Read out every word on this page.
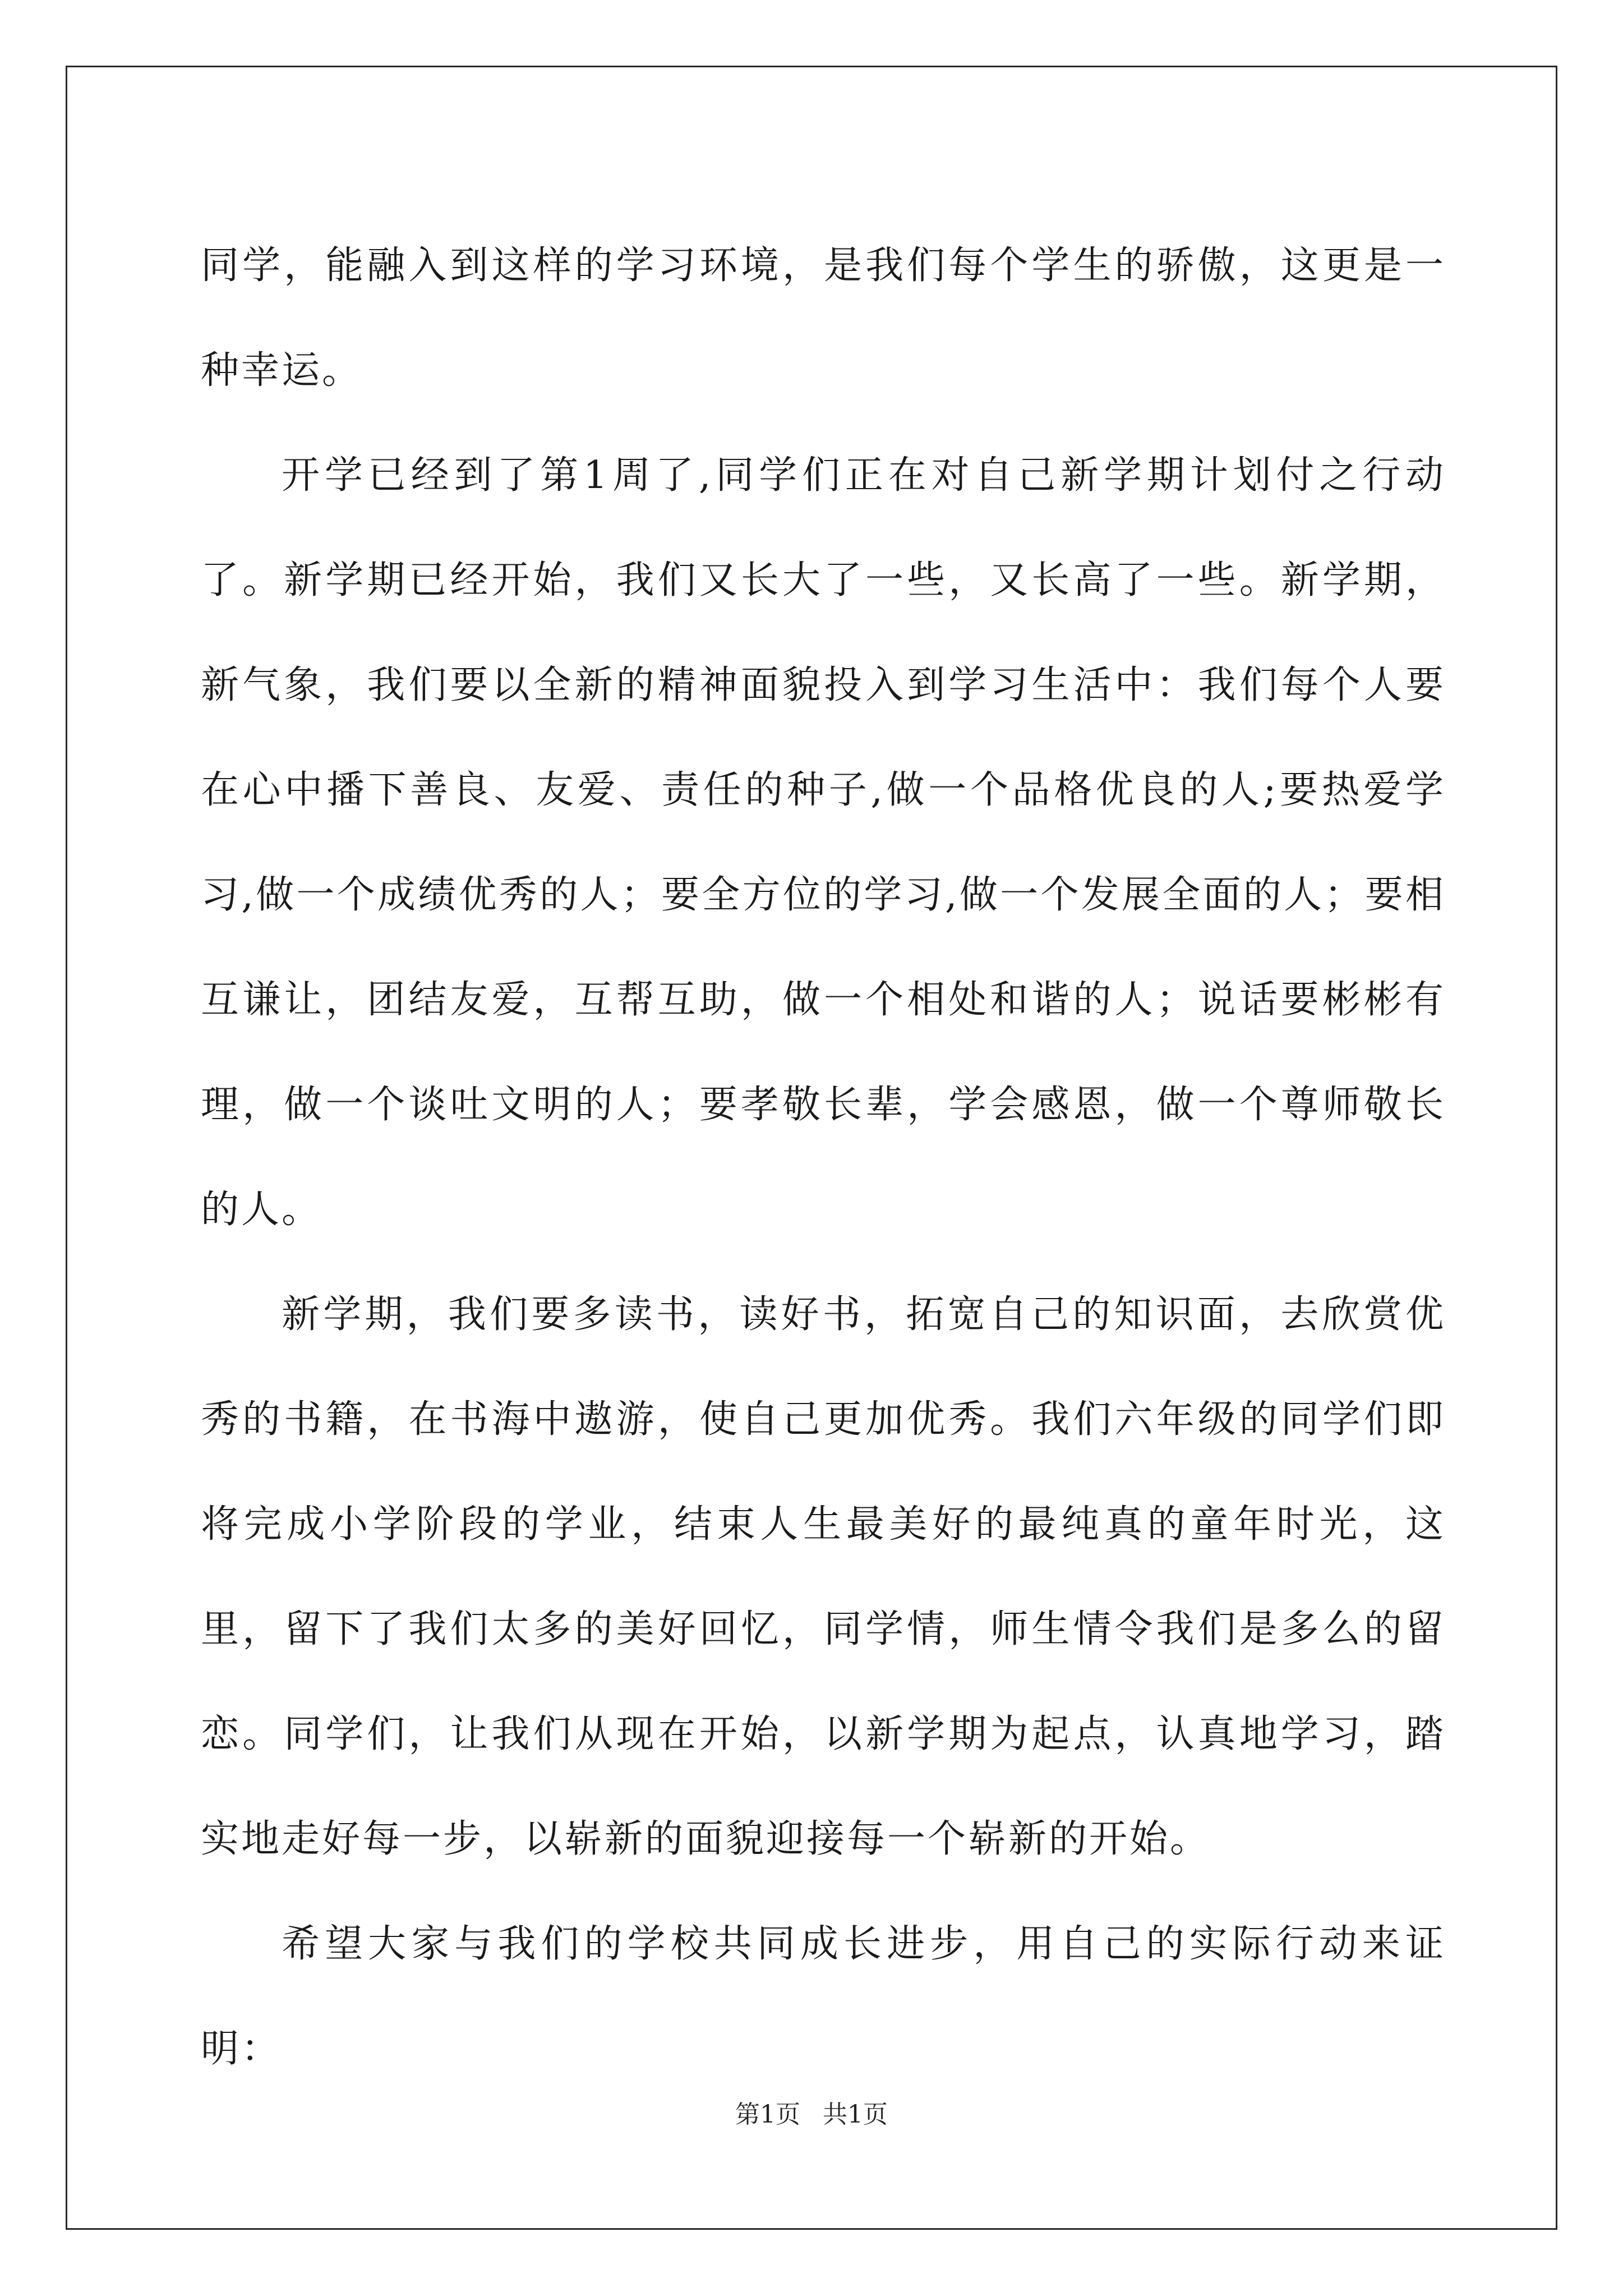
同学，能融入到这样的学习环境，是我们每个学生的骄傲，这更是一种幸运。

开学已经到了第1周了,同学们正在对自己新学期计划付之行动了。新学期已经开始，我们又长大了一些，又长高了一些。新学期，新气象，我们要以全新的精神面貌投入到学习生活中：我们每个人要在心中播下善良、友爱、责任的种子,做一个品格优良的人;要热爱学习,做一个成绩优秀的人；要全方位的学习,做一个发展全面的人；要相互谦让，团结友爱，互帮互助，做一个相处和谐的人；说话要彬彬有理，做一个谈吐文明的人；要孝敬长辈，学会感恩，做一个尊师敬长的人。

新学期，我们要多读书，读好书，拓宽自己的知识面，去欣赏优秀的书籍，在书海中遨游，使自己更加优秀。我们六年级的同学们即将完成小学阶段的学业，结束人生最美好的最纯真的童年时光，这里，留下了我们太多的美好回忆，同学情，师生情令我们是多么的留恋。同学们，让我们从现在开始，以新学期为起点，认真地学习，踏实地走好每一步，以崭新的面貌迎接每一个崭新的开始。

希望大家与我们的学校共同成长进步，用自己的实际行动来证明：

第1页 共1页
